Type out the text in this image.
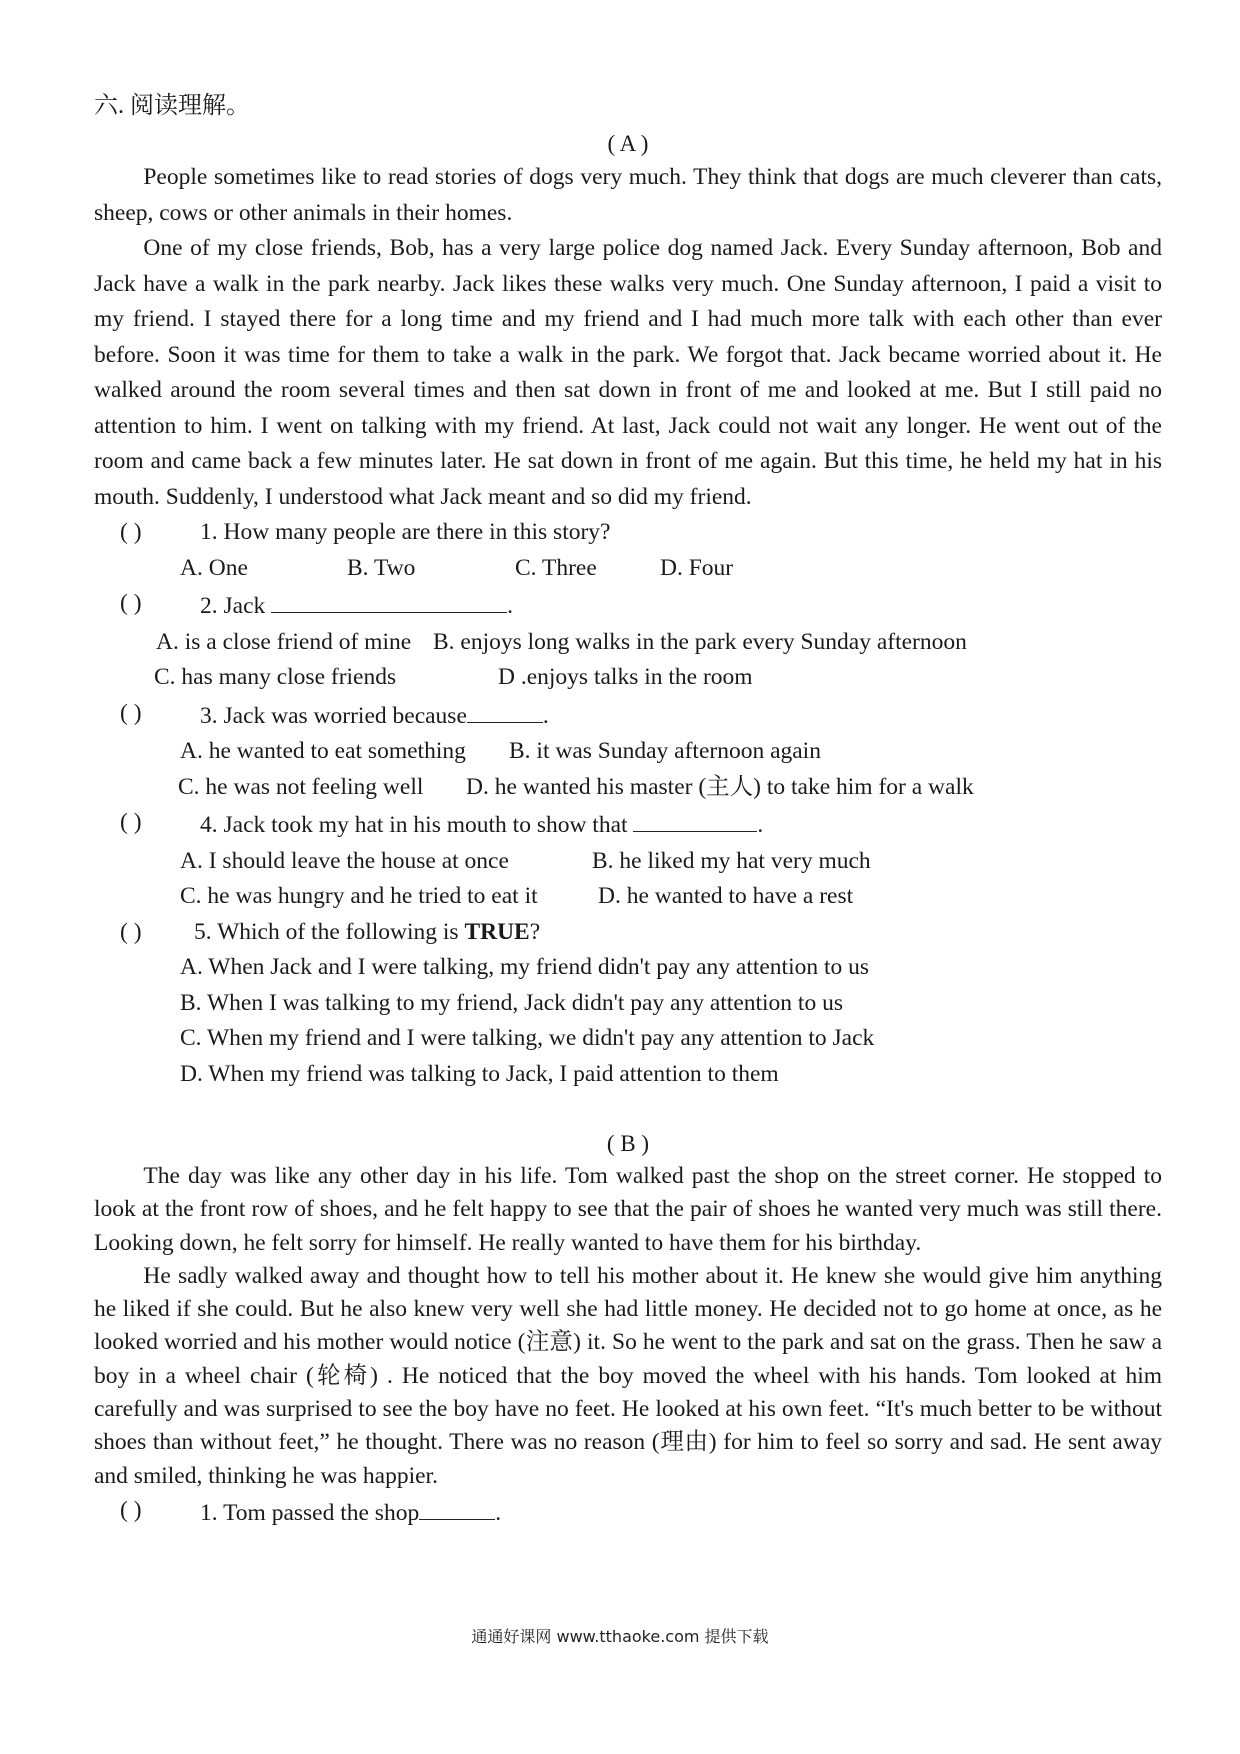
六. 阅读理解。

( A )

People sometimes like to read stories of dogs very much. They think that dogs are much cleverer than cats, sheep, cows or other animals in their homes.

One of my close friends, Bob, has a very large police dog named Jack. Every Sunday afternoon, Bob and Jack have a walk in the park nearby. Jack likes these walks very much. One Sunday afternoon, I paid a visit to my friend. I stayed there for a long time and my friend and I had much more talk with each other than ever before. Soon it was time for them to take a walk in the park. We forgot that. Jack became worried about it. He walked around the room several times and then sat down in front of me and looked at me. But I still paid no attention to him. I went on talking with my friend. At last, Jack could not wait any longer. He went out of the room and came back a few minutes later. He sat down in front of me again. But this time, he held my hat in his mouth. Suddenly, I understood what Jack meant and so did my friend.

( ) 1. How many people are there in this story?

A. One	B. Two	C. Three	D. Four

( ) 2. Jack	.

A. is a close friend of mine B. enjoys long walks in the park every Sunday afternoon
C. has many close friends	D .enjoys talks in the room

( ) 3. Jack was worried because	.

A. he wanted to eat something B. it was Sunday afternoon again
C. he was not feeling well D. he wanted his master (主人) to take him for a walk

( ) 4. Jack took my hat in his mouth to show that	.

A. I should leave the house at once	B. he liked my hat very much
C. he was hungry and he tried to eat it	D. he wanted to have a rest

( ) 5. Which of the following is TRUE?

A. When Jack and I were talking, my friend didn't pay any attention to us
B. When I was talking to my friend, Jack didn't pay any attention to us
C. When my friend and I were talking, we didn't pay any attention to Jack
D. When my friend was talking to Jack, I paid attention to them

( B )

The day was like any other day in his life. Tom walked past the shop on the street corner. He stopped to look at the front row of shoes, and he felt happy to see that the pair of shoes he wanted very much was still there. Looking down, he felt sorry for himself. He really wanted to have them for his birthday.

He sadly walked away and thought how to tell his mother about it. He knew she would give him anything he liked if she could. But he also knew very well she had little money. He decided not to go home at once, as he looked worried and his mother would notice (注意) it. So he went to the park and sat on the grass. Then he saw a boy in a wheel chair (轮椅) . He noticed that the boy moved the wheel with his hands. Tom looked at him carefully and was surprised to see the boy have no feet. He looked at his own feet. “It's much better to be without shoes than without feet,” he thought. There was no reason (理由) for him to feel so sorry and sad. He sent away and smiled, thinking he was happier.

( ) 1. Tom passed the shop	.

通通好课网 www.tthaoke.com 提供下载
